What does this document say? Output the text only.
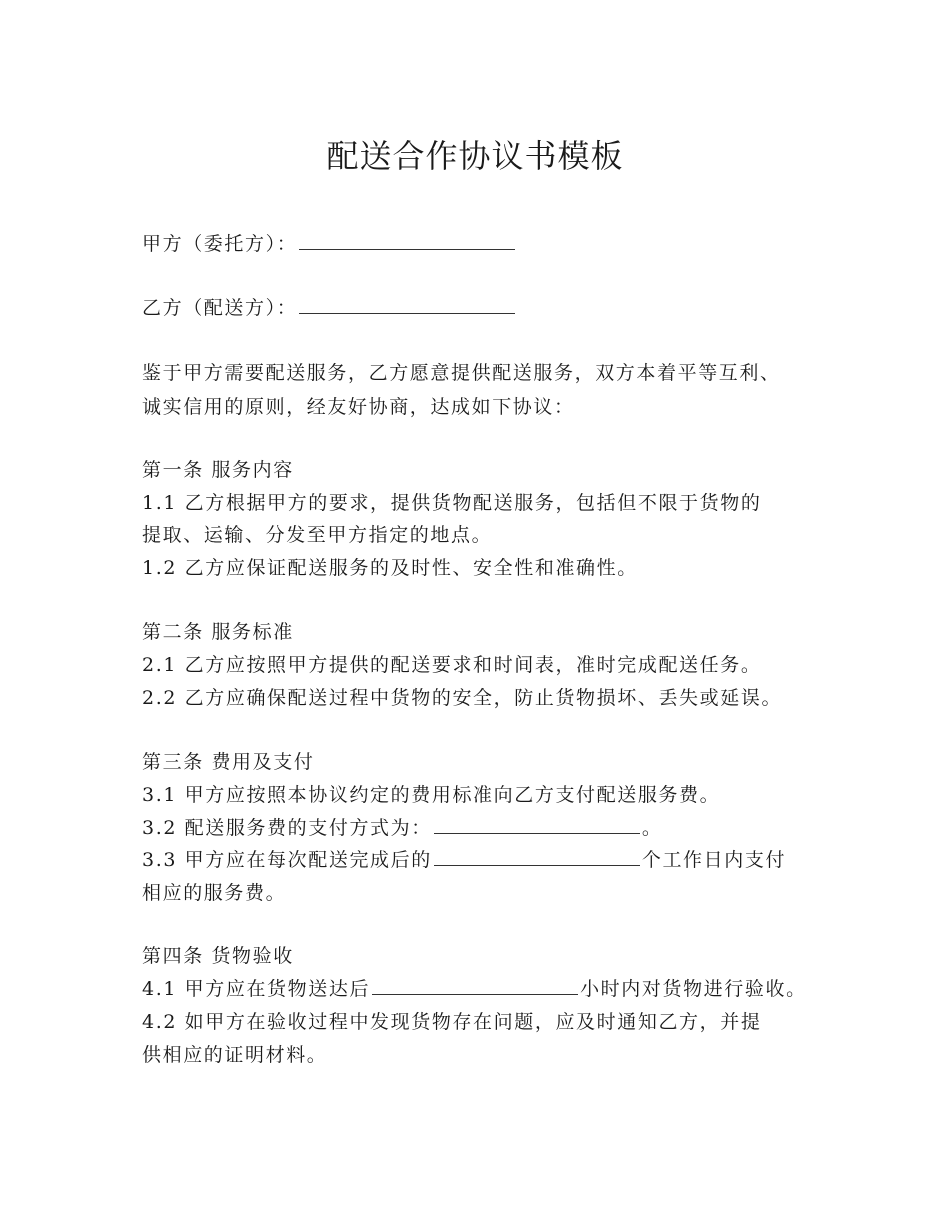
配送合作协议书模板
甲方（委托方）：
乙方（配送方）：
鉴于甲方需要配送服务，乙方愿意提供配送服务，双方本着平等互利、
诚实信用的原则，经友好协商，达成如下协议：
第一条 服务内容
1.1 乙方根据甲方的要求，提供货物配送服务，包括但不限于货物的
提取、运输、分发至甲方指定的地点。
1.2 乙方应保证配送服务的及时性、安全性和准确性。
第二条 服务标准
2.1 乙方应按照甲方提供的配送要求和时间表，准时完成配送任务。
2.2 乙方应确保配送过程中货物的安全，防止货物损坏、丢失或延误。
第三条 费用及支付
3.1 甲方应按照本协议约定的费用标准向乙方支付配送服务费。
3.2 配送服务费的支付方式为：	。
3.3 甲方应在每次配送完成后的	个工作日内支付
相应的服务费。
第四条 货物验收
4.1 甲方应在货物送达后	小时内对货物进行验收。
4.2 如甲方在验收过程中发现货物存在问题，应及时通知乙方，并提
供相应的证明材料。
